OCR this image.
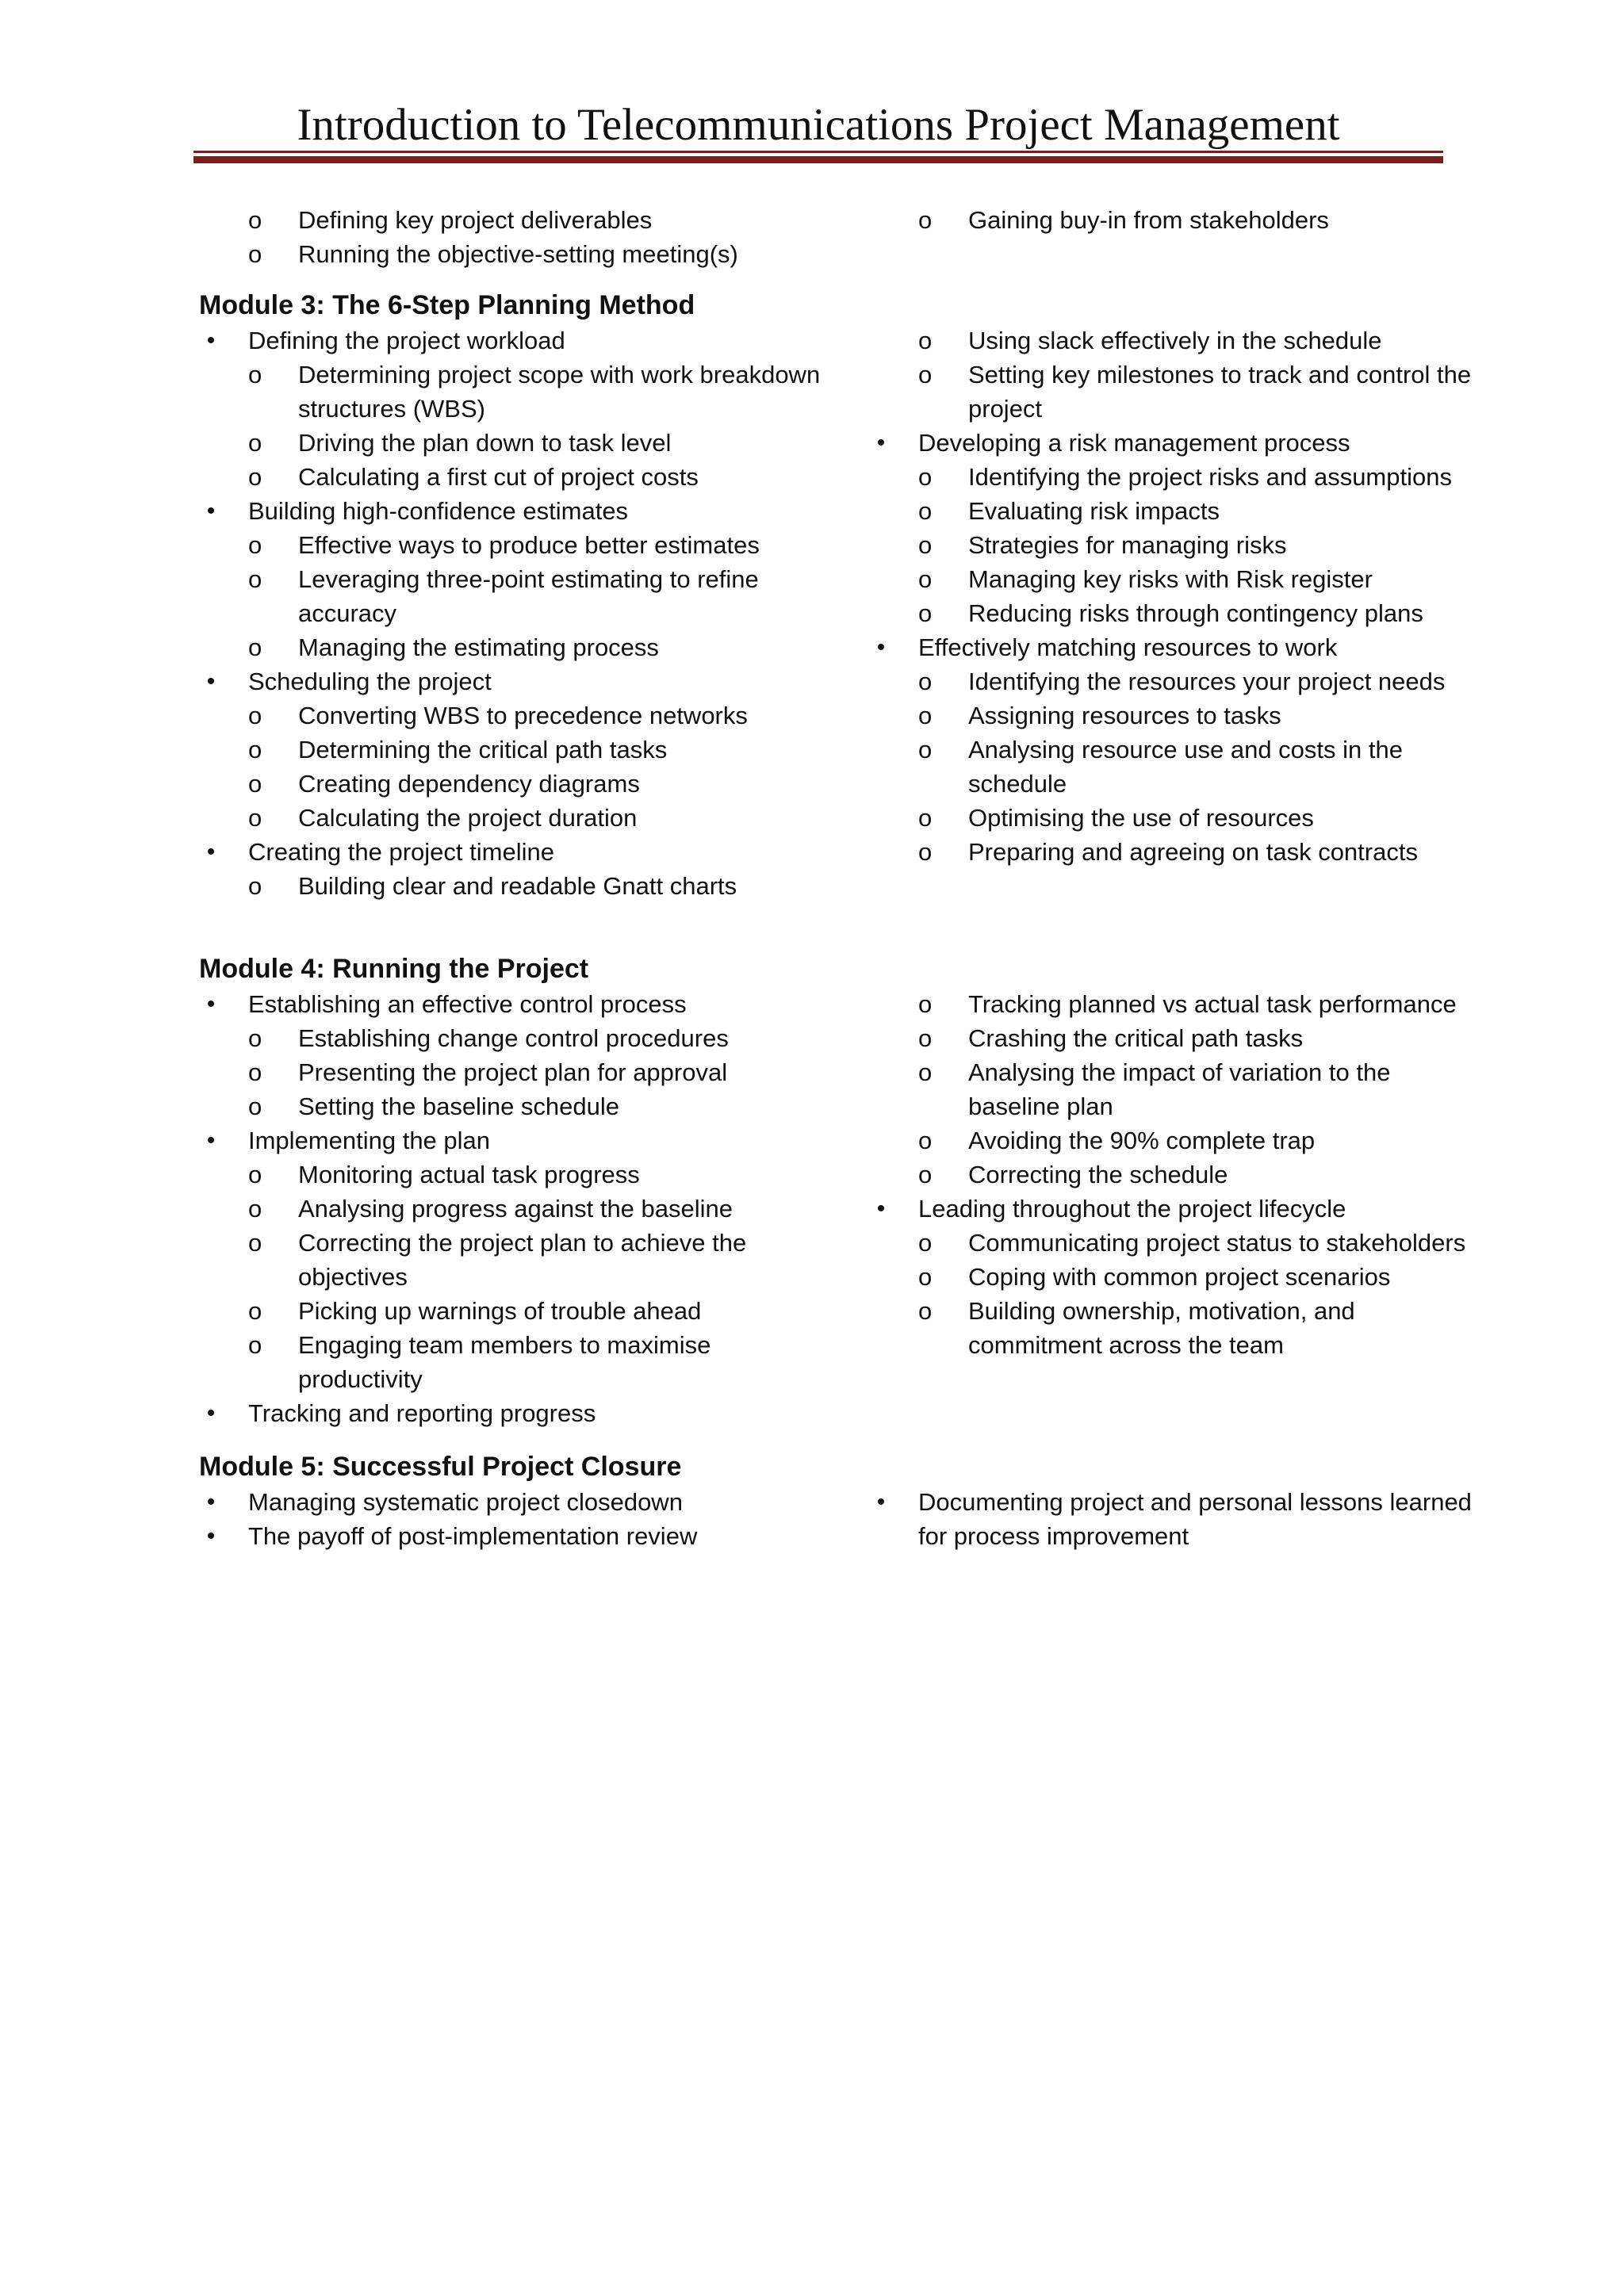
Introduction to Telecommunications Project Management
o	Defining key project deliverables
o	Running the objective-setting meeting(s)
o	Gaining buy-in from stakeholders
Module 3: The 6-Step Planning Method
•	Defining the project workload
o	Determining project scope with work breakdown structures (WBS)
o	Driving the plan down to task level
o	Calculating a first cut of project costs
•	Building high-confidence estimates
o	Effective ways to produce better estimates
o	Leveraging three-point estimating to refine accuracy
o	Managing the estimating process
•	Scheduling the project
o	Converting WBS to precedence networks
o	Determining the critical path tasks
o	Creating dependency diagrams
o	Calculating the project duration
•	Creating the project timeline
o	Building clear and readable Gnatt charts
o	Using slack effectively in the schedule
o	Setting key milestones to track and control the project
•	Developing a risk management process
o	Identifying the project risks and assumptions
o	Evaluating risk impacts
o	Strategies for managing risks
o	Managing key risks with Risk register
o	Reducing risks through contingency plans
•	Effectively matching resources to work
o	Identifying the resources your project needs
o	Assigning resources to tasks
o	Analysing resource use and costs in the schedule
o	Optimising the use of resources
o	Preparing and agreeing on task contracts
Module 4: Running the Project
•	Establishing an effective control process
o	Establishing change control procedures
o	Presenting the project plan for approval
o	Setting the baseline schedule
•	Implementing the plan
o	Monitoring actual task progress
o	Analysing progress against the baseline
o	Correcting the project plan to achieve the objectives
o	Picking up warnings of trouble ahead
o	Engaging team members to maximise productivity
•	Tracking and reporting progress
o	Tracking planned vs actual task performance
o	Crashing the critical path tasks
o	Analysing the impact of variation to the baseline plan
o	Avoiding the 90% complete trap
o	Correcting the schedule
•	Leading throughout the project lifecycle
o	Communicating project status to stakeholders
o	Coping with common project scenarios
o	Building ownership, motivation, and commitment across the team
Module 5: Successful Project Closure
•	Managing systematic project closedown
•	The payoff of post-implementation review
•	Documenting project and personal lessons learned for process improvement
